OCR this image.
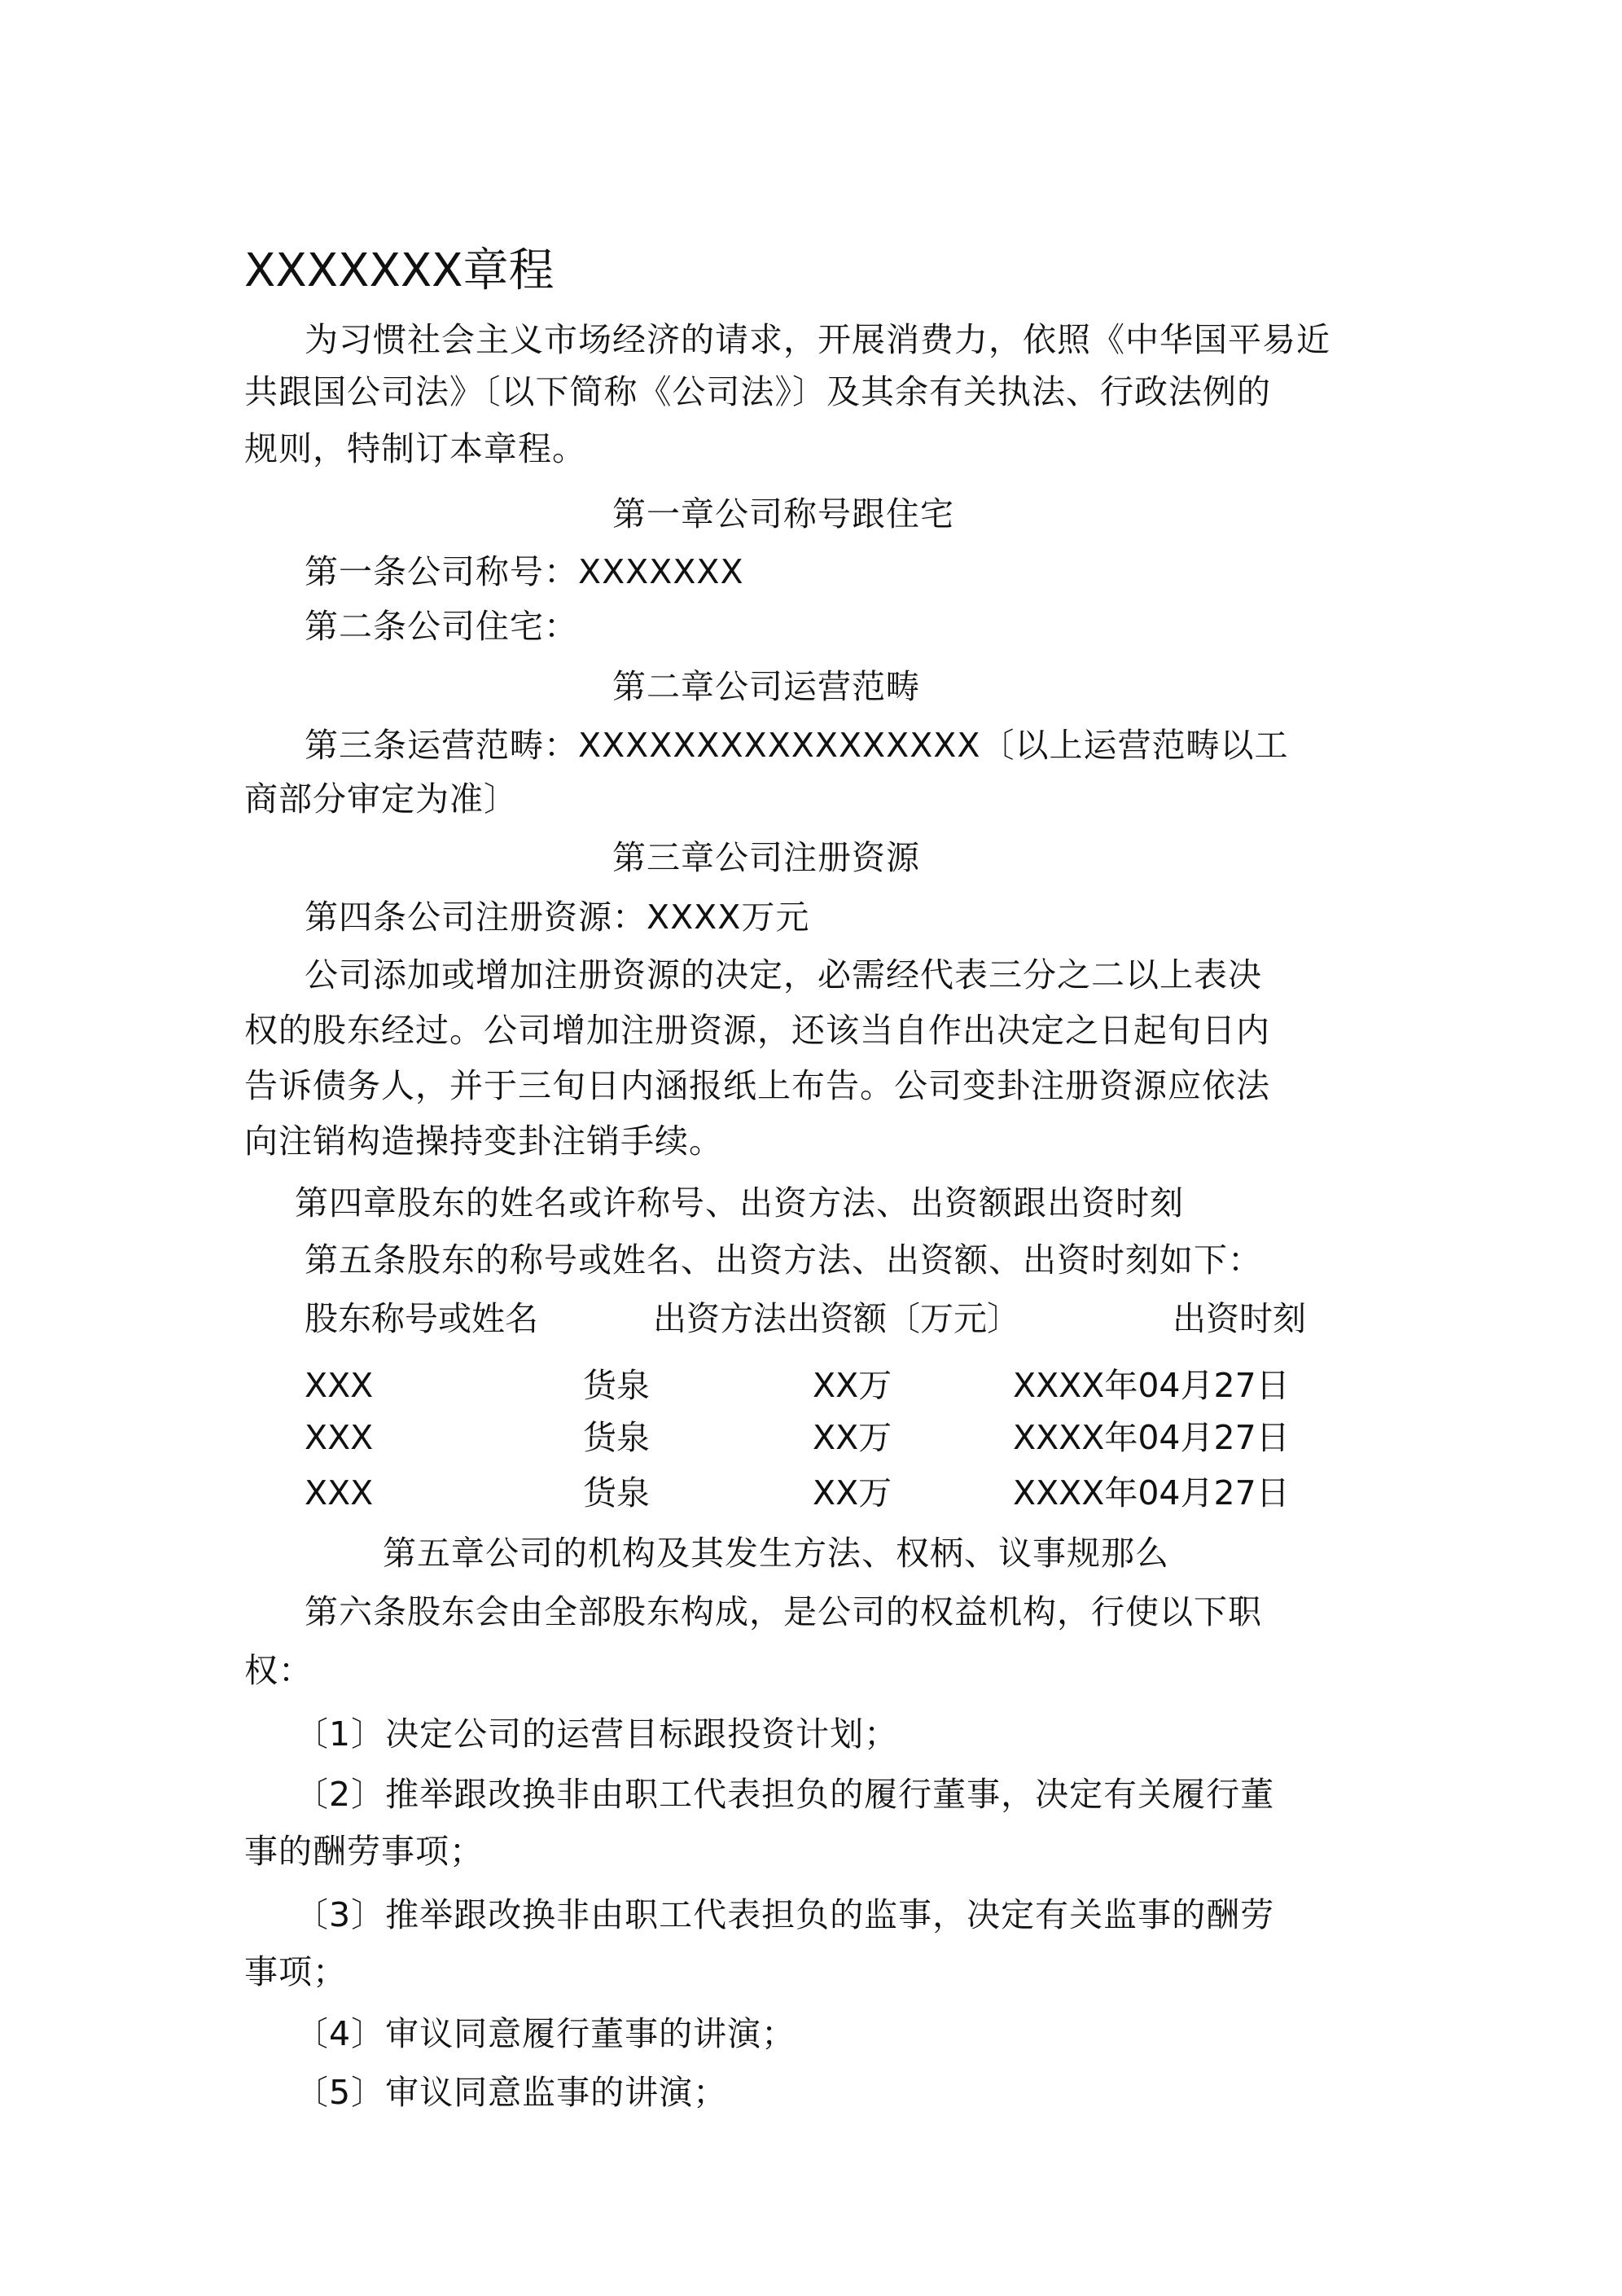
XXXXXXX章程
为习惯社会主义市场经济的请求，开展消费力，依照《中华国平易近
共跟国公司法》〔以下简称《公司法》〕及其余有关执法、行政法例的
规则，特制订本章程。
第一章公司称号跟住宅
第一条公司称号：XXXXXXX
第二条公司住宅：
第二章公司运营范畴
第三条运营范畴：XXXXXXXXXXXXXXXXX〔以上运营范畴以工
商部分审定为准〕
第三章公司注册资源
第四条公司注册资源：XXXX万元
公司添加或增加注册资源的决定，必需经代表三分之二以上表决
权的股东经过。公司增加注册资源，还该当自作出决定之日起旬日内
告诉债务人，并于三旬日内涵报纸上布告。公司变卦注册资源应依法
向注销构造操持变卦注销手续。
第四章股东的姓名或许称号、出资方法、出资额跟出资时刻
第五条股东的称号或姓名、出资方法、出资额、出资时刻如下：
股东称号或姓名	出资方法出资额〔万元〕	出资时刻
XXX	货泉	XX万	XXXX年04月27日
XXX	货泉	XX万	XXXX年04月27日
XXX	货泉	XX万	XXXX年04月27日
第五章公司的机构及其发生方法、权柄、议事规那么
第六条股东会由全部股东构成，是公司的权益机构，行使以下职
权：
〔1〕决定公司的运营目标跟投资计划；
〔2〕推举跟改换非由职工代表担负的履行董事，决定有关履行董
事的酬劳事项；
〔3〕推举跟改换非由职工代表担负的监事，决定有关监事的酬劳
事项；
〔4〕审议同意履行董事的讲演；
〔5〕审议同意监事的讲演；
